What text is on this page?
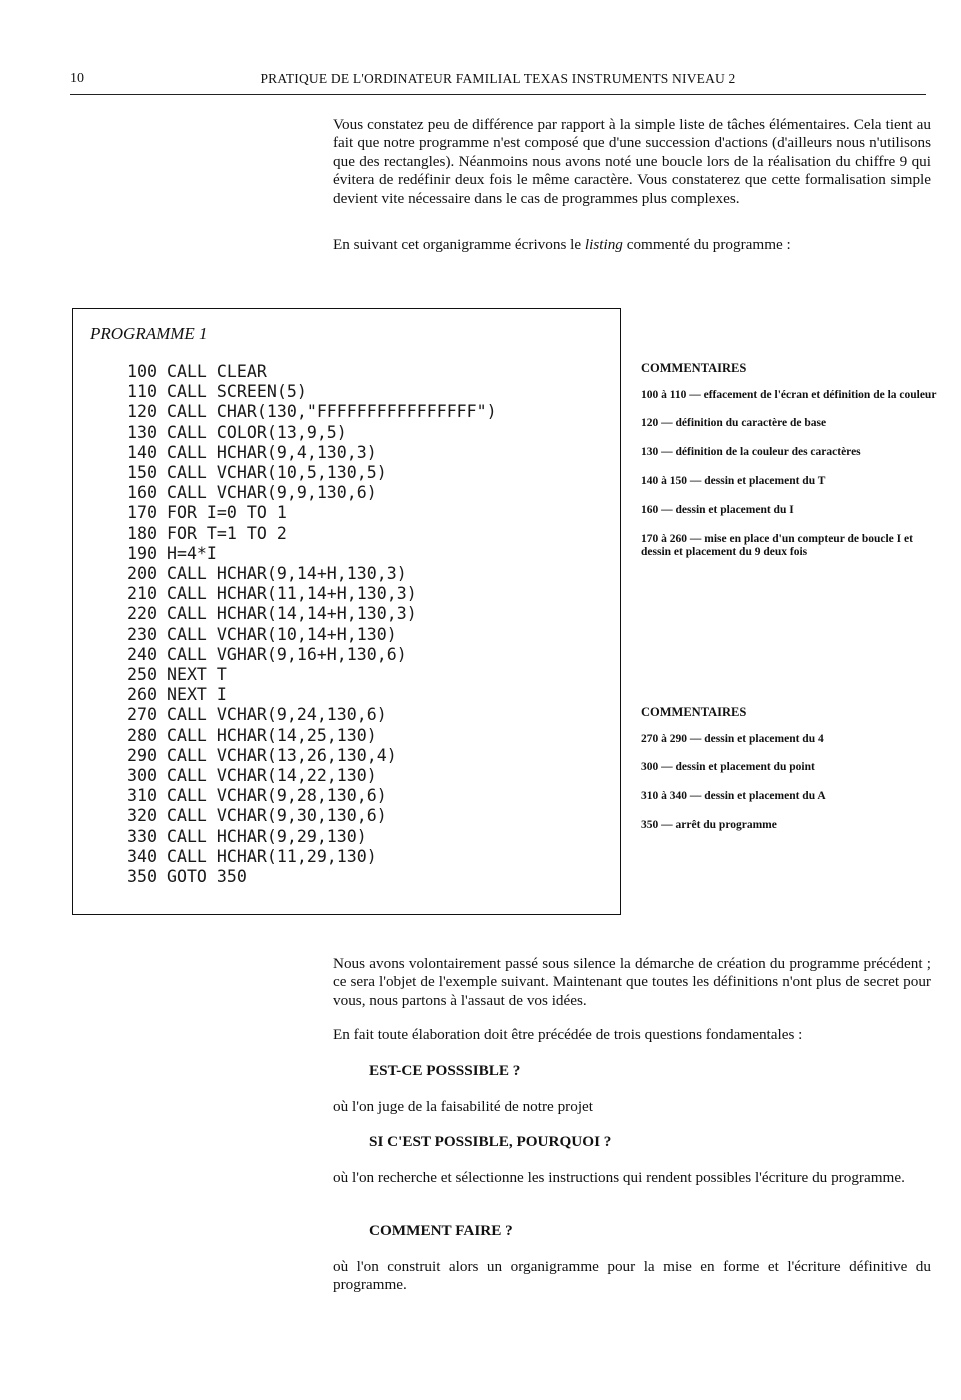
10	PRATIQUE DE L'ORDINATEUR FAMILIAL TEXAS INSTRUMENTS NIVEAU 2

Vous constatez peu de différence par rapport à la simple liste de tâches élémentaires. Cela tient au fait que notre programme n'est composé que d'une succession d'actions (d'ailleurs nous n'utilisons que des rectangles). Néanmoins nous avons noté une boucle lors de la réalisation du chiffre 9 qui évitera de redéfinir deux fois le même caractère. Vous constaterez que cette formalisation simple devient vite nécessaire dans le cas de programmes plus complexes.

En suivant cet organigramme écrivons le listing commenté du programme :

PROGRAMME 1
100 CALL CLEAR
110 CALL SCREEN(5)
120 CALL CHAR(130,"FFFFFFFFFFFFFFFF")
130 CALL COLOR(13,9,5)
140 CALL HCHAR(9,4,130,3)
150 CALL VCHAR(10,5,130,5)
160 CALL VCHAR(9,9,130,6)
170 FOR I=0 TO 1
180 FOR T=1 TO 2
190 H=4*I
200 CALL HCHAR(9,14+H,130,3)
210 CALL HCHAR(11,14+H,130,3)
220 CALL HCHAR(14,14+H,130,3)
230 CALL VCHAR(10,14+H,130)
240 CALL VGHAR(9,16+H,130,6)
250 NEXT T
260 NEXT I
270 CALL VCHAR(9,24,130,6)
280 CALL HCHAR(14,25,130)
290 CALL VCHAR(13,26,130,4)
300 CALL VCHAR(14,22,130)
310 CALL VCHAR(9,28,130,6)
320 CALL VCHAR(9,30,130,6)
330 CALL HCHAR(9,29,130)
340 CALL HCHAR(11,29,130)
350 GOTO 350
COMMENTAIRES
100 à 110 — effacement de l'écran et définition de la couleur
120 — définition du caractère de base
130 — définition de la couleur des caractères
140 à 150 — dessin et placement du T
160 — dessin et placement du I
170 à 260 — mise en place d'un compteur de boucle I et dessin et placement du 9 deux fois
COMMENTAIRES
270 à 290 — dessin et placement du 4
300 — dessin et placement du point
310 à 340 — dessin et placement du A
350 — arrêt du programme

Nous avons volontairement passé sous silence la démarche de création du programme précédent ; ce sera l'objet de l'exemple suivant. Maintenant que toutes les définitions n'ont plus de secret pour vous, nous partons à l'assaut de vos idées.

En fait toute élaboration doit être précédée de trois questions fondamentales :

EST-CE POSSSIBLE ?

où l'on juge de la faisabilité de notre projet

SI C'EST POSSIBLE, POURQUOI ?

où l'on recherche et sélectionne les instructions qui rendent possibles l'écriture du programme.

COMMENT FAIRE ?

où l'on construit alors un organigramme pour la mise en forme et l'écriture définitive du programme.
